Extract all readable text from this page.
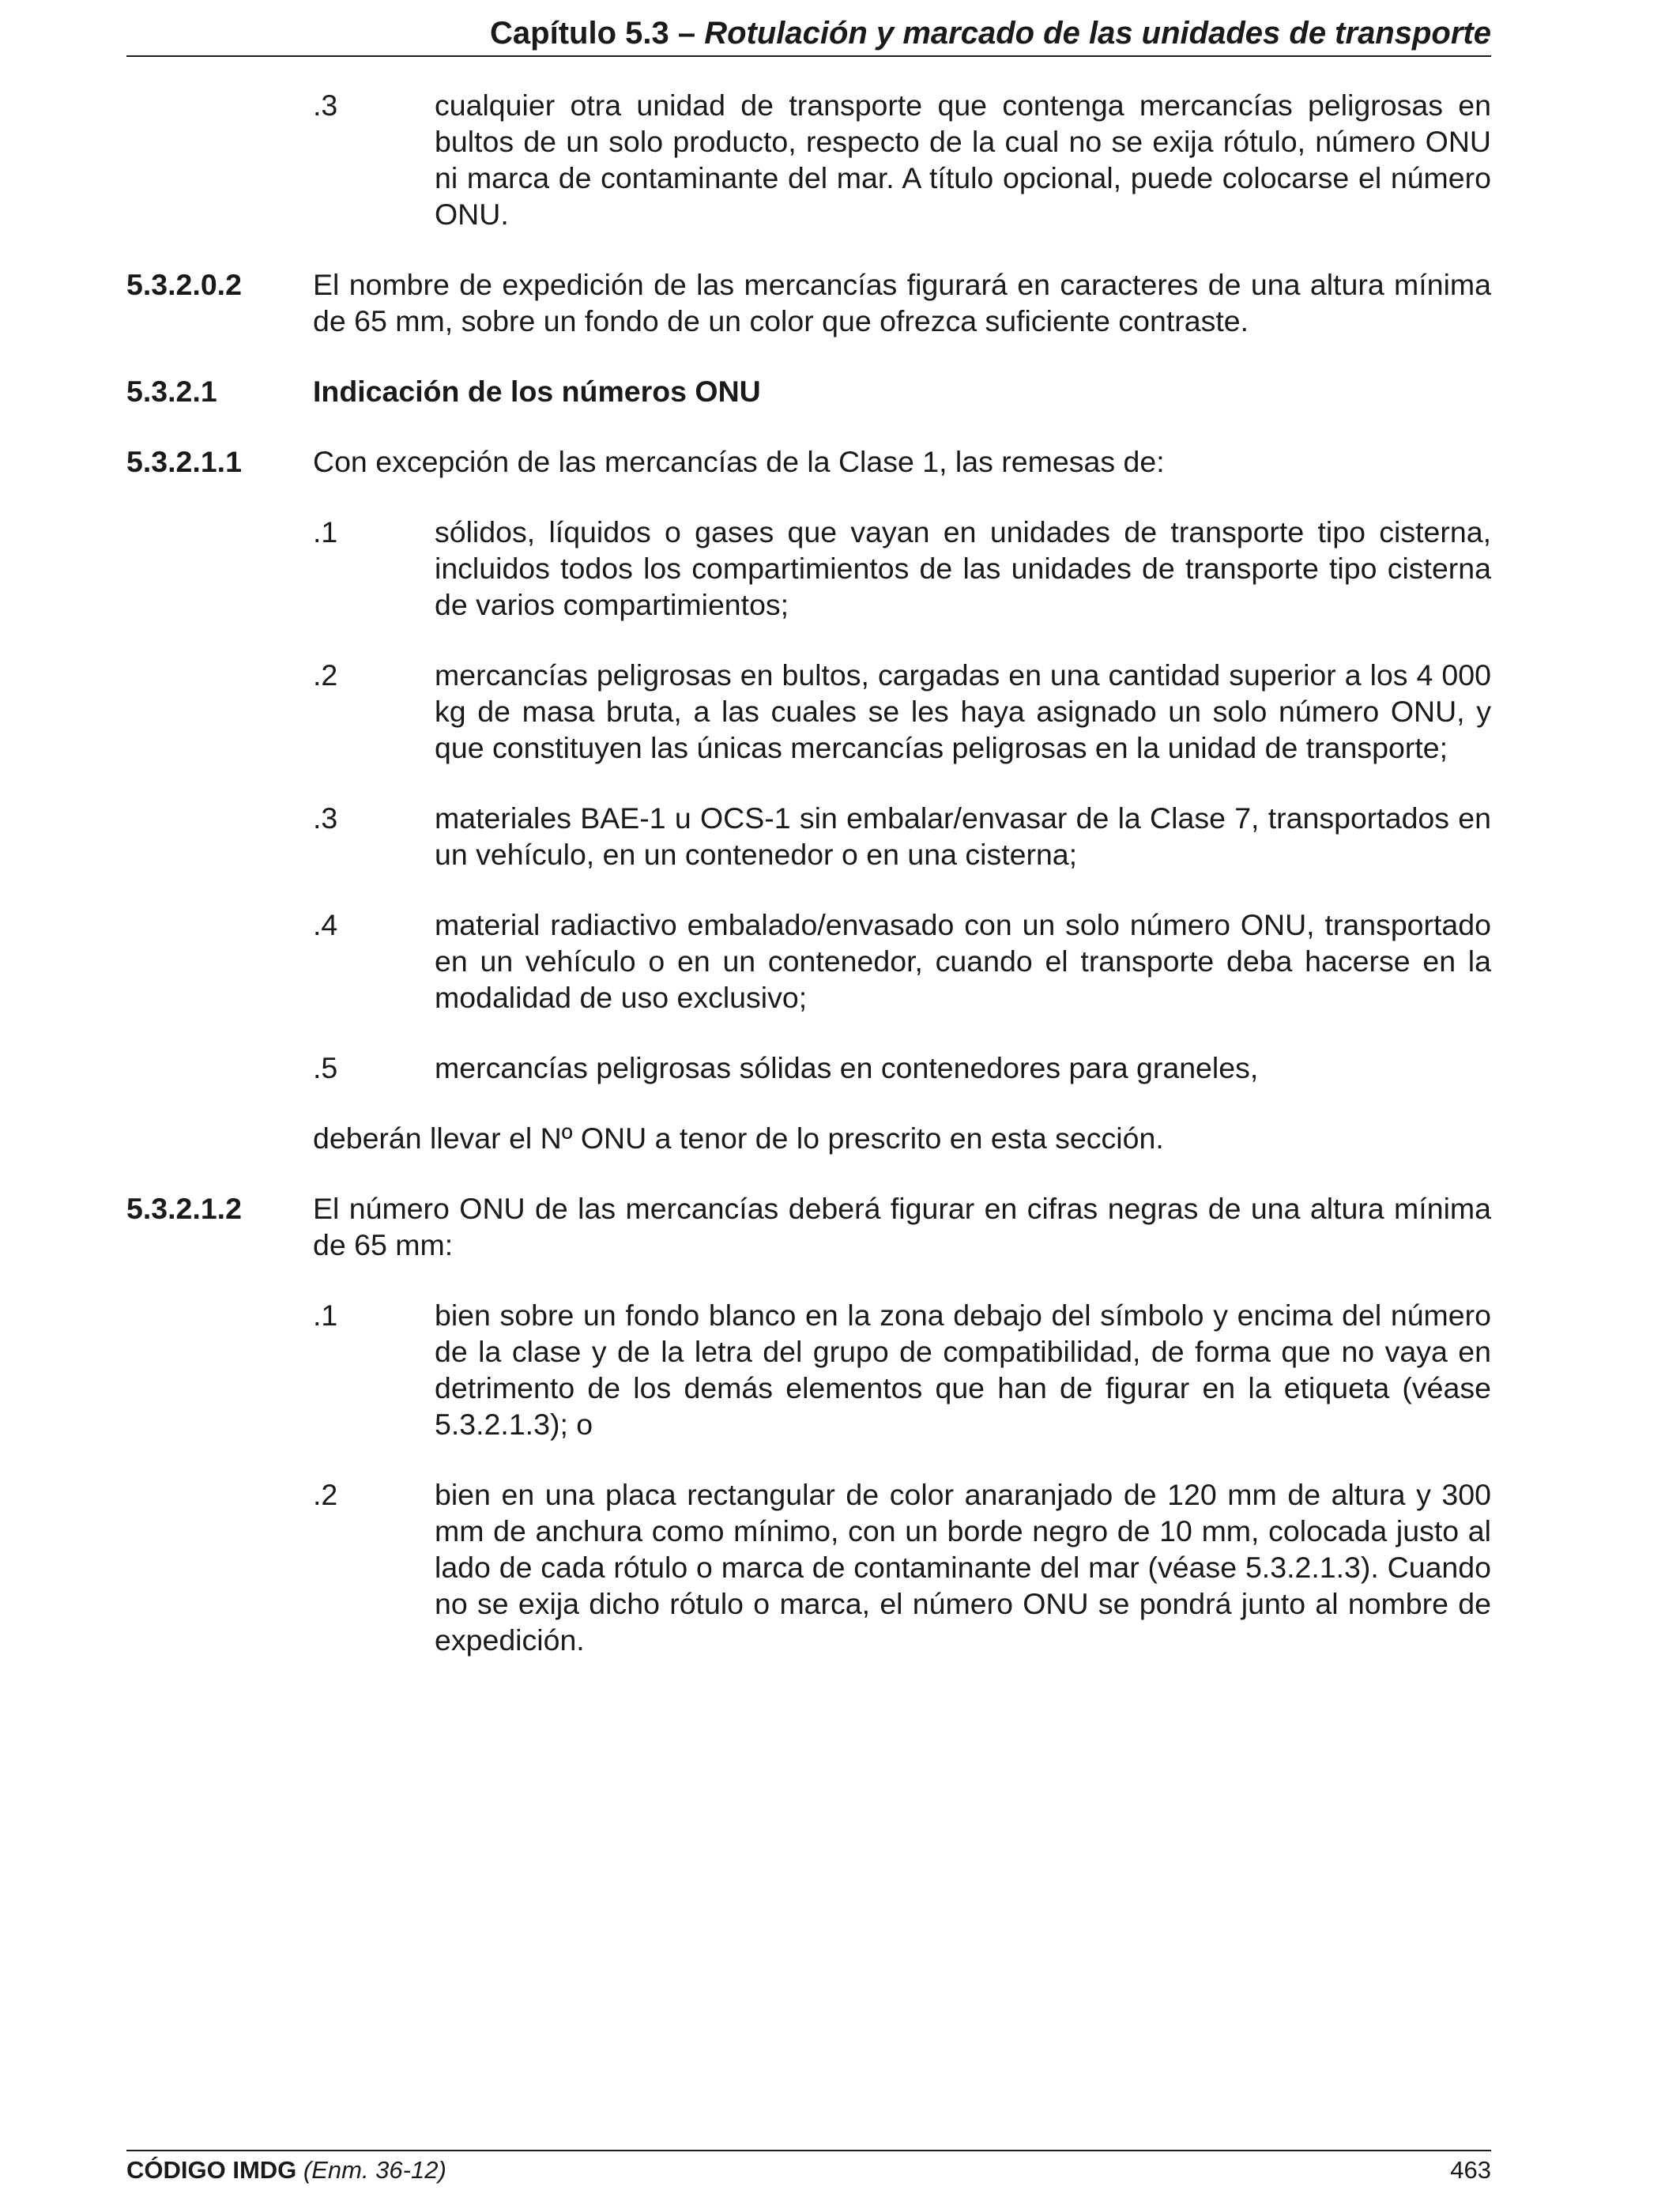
Capítulo 5.3 – Rotulación y marcado de las unidades de transporte
.3	cualquier otra unidad de transporte que contenga mercancías peligrosas en bultos de un solo producto, respecto de la cual no se exija rótulo, número ONU ni marca de contaminante del mar. A título opcional, puede colocarse el número ONU.
5.3.2.0.2	El nombre de expedición de las mercancías figurará en caracteres de una altura mínima de 65 mm, sobre un fondo de un color que ofrezca suficiente contraste.
5.3.2.1	Indicación de los números ONU
5.3.2.1.1	Con excepción de las mercancías de la Clase 1, las remesas de:
.1	sólidos, líquidos o gases que vayan en unidades de transporte tipo cisterna, incluidos todos los compartimientos de las unidades de transporte tipo cisterna de varios compartimientos;
.2	mercancías peligrosas en bultos, cargadas en una cantidad superior a los 4 000 kg de masa bruta, a las cuales se les haya asignado un solo número ONU, y que constituyen las únicas mercancías peligrosas en la unidad de transporte;
.3	materiales BAE-1 u OCS-1 sin embalar/envasar de la Clase 7, transportados en un vehículo, en un contenedor o en una cisterna;
.4	material radiactivo embalado/envasado con un solo número ONU, transportado en un vehículo o en un contenedor, cuando el transporte deba hacerse en la modalidad de uso exclusivo;
.5	mercancías peligrosas sólidas en contenedores para graneles,
deberán llevar el Nº ONU a tenor de lo prescrito en esta sección.
5.3.2.1.2	El número ONU de las mercancías deberá figurar en cifras negras de una altura mínima de 65 mm:
.1	bien sobre un fondo blanco en la zona debajo del símbolo y encima del número de la clase y de la letra del grupo de compatibilidad, de forma que no vaya en detrimento de los demás elementos que han de figurar en la etiqueta (véase 5.3.2.1.3); o
.2	bien en una placa rectangular de color anaranjado de 120 mm de altura y 300 mm de anchura como mínimo, con un borde negro de 10 mm, colocada justo al lado de cada rótulo o marca de contaminante del mar (véase 5.3.2.1.3). Cuando no se exija dicho rótulo o marca, el número ONU se pondrá junto al nombre de expedición.
CÓDIGO IMDG (Enm. 36-12)	463
